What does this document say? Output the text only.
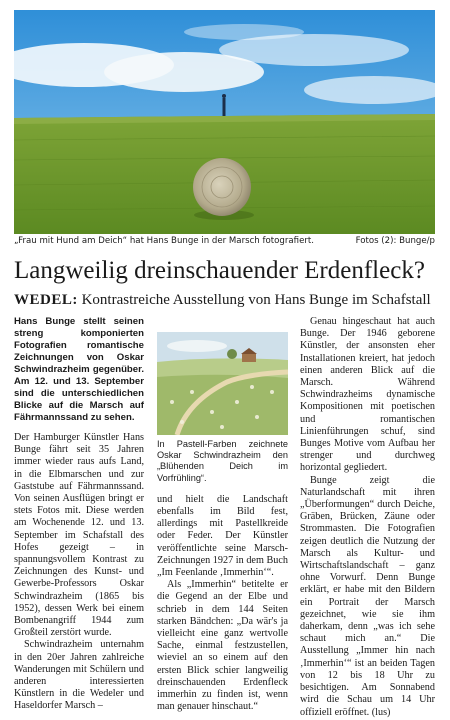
„Frau mit Hund am Deich“ hat Hans Bunge in der Marsch fotografiert.	Fotos (2): Bunge/p
Langweilig dreinschauender Erdenfleck?
WEDEL: Kontrastreiche Ausstellung von Hans Bunge im Schafstall

Hans Bunge stellt seinen streng komponierten Fotografien romantische Zeichnungen von Oskar Schwindrazheim gegenüber. Am 12. und 13. September sind die unterschiedlichen Blicke auf die Marsch auf Fährmannssand zu sehen.

Der Hamburger Künstler Hans Bunge fährt seit 35 Jahren immer wieder raus aufs Land, in die Elbmarschen und zur Gaststube auf Fährmannssand. Von seinen Ausflügen bringt er stets Fotos mit. Diese werden am Wochenende 12. und 13. September im Schafstall des Hofes gezeigt – in spannungsvollem Kontrast zu Zeichnungen des Kunst- und Gewerbe-Professors Oskar Schwindrazheim (1865 bis 1952), dessen Werk bei einem Bombenangriff 1944 zum Großteil zerstört wurde.

Schwindrazheim unternahm in den 20er Jahren zahlreiche Wanderungen mit Schülern und anderen interessierten Künstlern in die Wedeler und Haseldorfer Marsch –

In Pastell-Farben zeichnete Oskar Schwindrazheim den „Blühenden Deich im Vorfrühling“.

und hielt die Landschaft ebenfalls im Bild fest, allerdings mit Pastellkreide oder Feder. Der Künstler veröffentlichte seine Marsch-Zeichnungen 1927 in dem Buch „Im Feenlande ‚Immerhin‘“.

Als „Immerhin“ betitelte er die Gegend an der Elbe und schrieb in dem 144 Seiten starken Bändchen: „Da wär's ja vielleicht eine ganz wertvolle Sache, einmal festzustellen, wieviel an so einem auf den ersten Blick schier langweilig dreinschauenden Erdenfleck immerhin zu finden ist, wenn man genauer hinschaut.“

Genau hingeschaut hat auch Bunge. Der 1946 geborene Künstler, der ansonsten eher Installationen kreiert, hat jedoch einen anderen Blick auf die Marsch. Während Schwindrazheims dynamische Kompositionen mit poetischen und romantischen Linienführungen schuf, sind Bunges Motive vom Aufbau her strenger und durchweg horizontal gegliedert.

Bunge zeigt die Naturlandschaft mit ihren „Überformungen“ durch Deiche, Gräben, Brücken, Zäune oder Strommasten. Die Fotografien zeigen deutlich die Nutzung der Marsch als Kultur- und Wirtschaftslandschaft – ganz ohne Vorwurf. Denn Bunge erklärt, er habe mit den Bildern ein Portrait der Marsch gezeichnet, wie sie ihm daherkam, denn „was ich sehe schaut mich an.“ Die Ausstellung „Immer hin nach ‚Immerhin‘“ ist an beiden Tagen von 12 bis 18 Uhr zu besichtigen. Am Sonnabend wird die Schau um 14 Uhr offiziell eröffnet. (lus)
